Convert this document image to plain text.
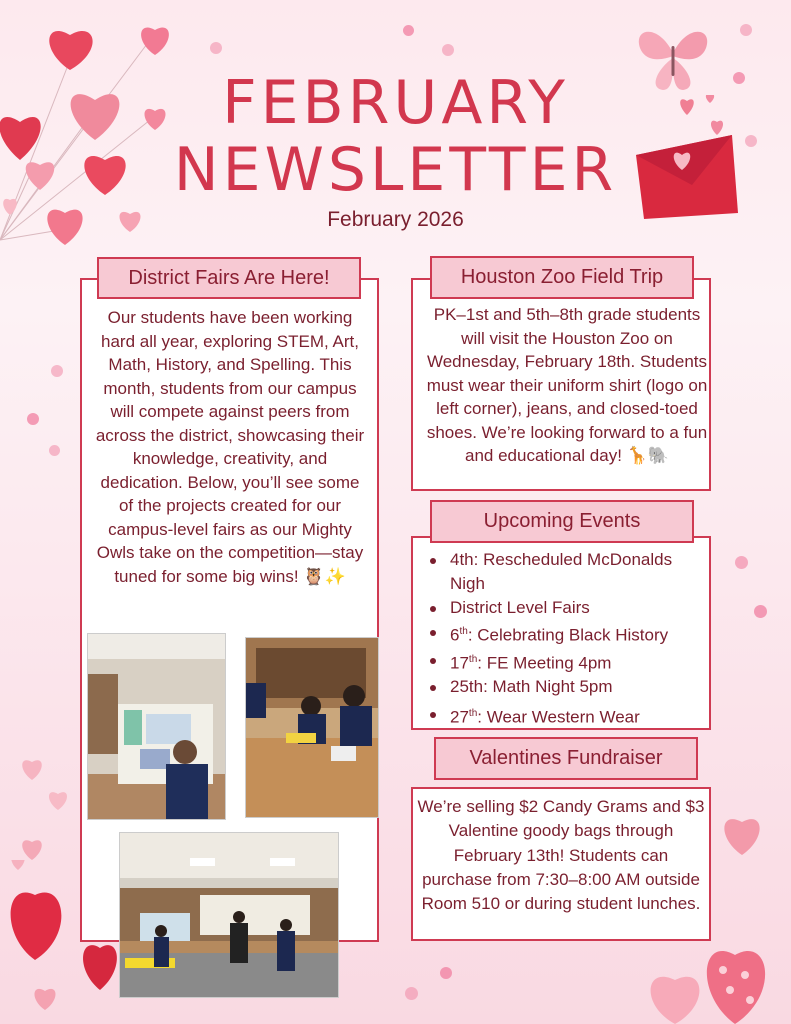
FEBRUARY
NEWSLETTER
February 2026
District Fairs Are Here!
Our students have been working hard all year, exploring STEM, Art, Math, History, and Spelling. This month, students from our campus will compete against peers from across the district, showcasing their knowledge, creativity, and dedication. Below, you’ll see some of the projects created for our campus-level fairs as our Mighty Owls take on the competition—stay tuned for some big wins! 🦉✨
Houston Zoo Field Trip
PK–1st and 5th–8th grade students will visit the Houston Zoo on Wednesday, February 18th. Students must wear their uniform shirt (logo on left corner), jeans, and closed-toed shoes. We’re looking forward to a fun and educational day! 🦒🐘
Upcoming Events
4th: Rescheduled McDonalds Nigh
District Level Fairs
6th: Celebrating Black History
17th: FE Meeting 4pm
25th: Math Night 5pm
27th: Wear Western Wear
Valentines Fundraiser
We’re selling $2 Candy Grams and $3 Valentine goody bags through February 13th! Students can purchase from 7:30–8:00 AM outside Room 510 or during student lunches.
